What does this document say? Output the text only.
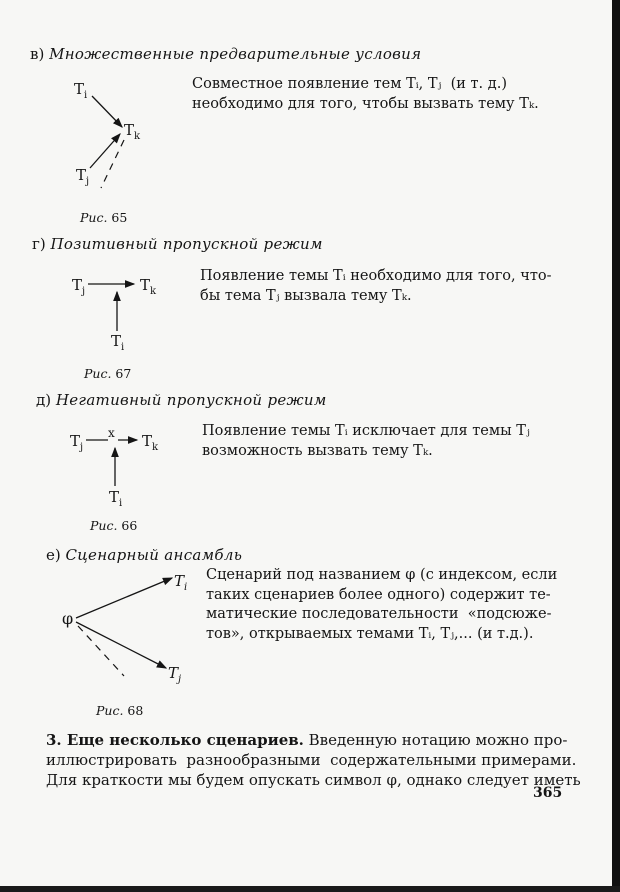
в) Множественные предварительные условия
$T_i$
$T_k$
$T_j$
Совместное появление тем Tᵢ, Tⱼ  (и т. д.)
необходимо для того, чтобы вызвать тему Tₖ.
Рис. 65
г) Позитивный пропускной режим
$T_j$	$T_k$
$T_i$
Появление темы Tᵢ необходимо для того, что-
бы тема Tⱼ вызвала тему Tₖ.
Рис. 67
д) Негативный пропускной режим
$T_j$
x $T_k$
$T_i$
Появление темы Tᵢ исключает для темы Tⱼ
возможность вызвать тему Tₖ.
Рис. 66
е) Сценарный ансамбль
φ
$T_i$
$T_j$
Сценарий под названием φ (с индексом, если
таких сценариев более одного) содержит те-
матические последовательности  «подсюже-
тов», открываемых темами Tᵢ, Tⱼ,... (и т.д.).
Рис. 68
3. Еще несколько сценариев. Введенную нотацию можно про-
иллюстрировать  разнообразными  содержательными примерами.
Для краткости мы будем опускать символ φ, однако следует иметь
365
